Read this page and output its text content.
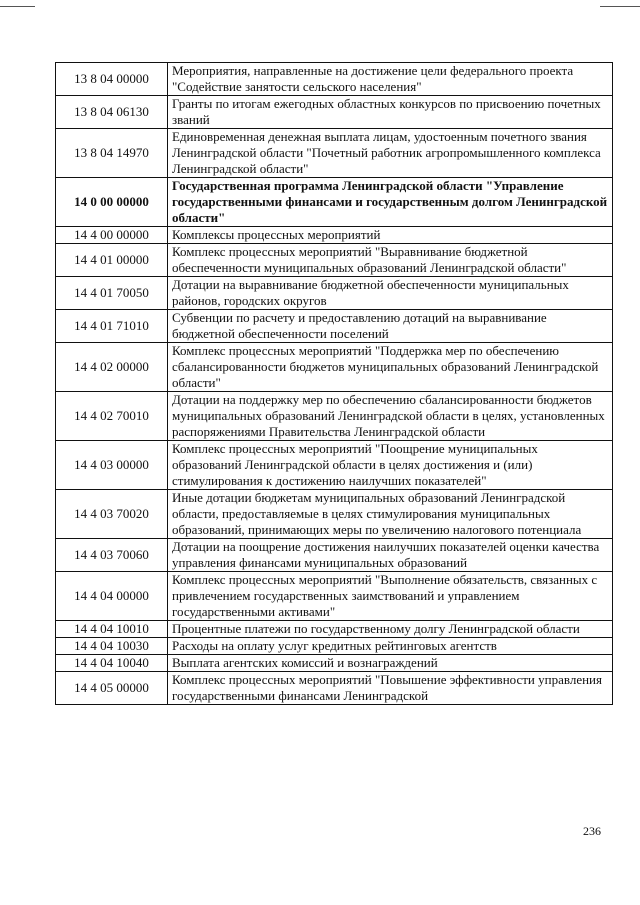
13 8 04 00000	Мероприятия, направленные на достижение цели федерального проекта "Содействие занятости сельского населения"
13 8 04 06130	Гранты по итогам ежегодных областных конкурсов по присвоению почетных званий
13 8 04 14970	Единовременная денежная выплата лицам, удостоенным почетного звания Ленинградской области "Почетный работник агропромышленного комплекса Ленинградской области"
14 0 00 00000	Государственная программа Ленинградской области "Управление государственными финансами и государственным долгом Ленинградской области"
14 4 00 00000	Комплексы процессных мероприятий
14 4 01 00000	Комплекс процессных мероприятий "Выравнивание бюджетной обеспеченности муниципальных образований Ленинградской области"
14 4 01 70050	Дотации на выравнивание бюджетной обеспеченности муниципальных районов, городских округов
14 4 01 71010	Субвенции по расчету и предоставлению дотаций на выравнивание бюджетной обеспеченности поселений
14 4 02 00000	Комплекс процессных мероприятий "Поддержка мер по обеспечению сбалансированности бюджетов муниципальных образований Ленинградской области"
14 4 02 70010	Дотации на поддержку мер по обеспечению сбалансированности бюджетов муниципальных образований Ленинградской области в целях, установленных распоряжениями Правительства Ленинградской области
14 4 03 00000	Комплекс процессных мероприятий "Поощрение муниципальных образований Ленинградской области в целях достижения и (или) стимулирования к достижению наилучших показателей"
14 4 03 70020	Иные дотации бюджетам муниципальных образований Ленинградской области, предоставляемые в целях стимулирования муниципальных образований, принимающих меры по увеличению налогового потенциала
14 4 03 70060	Дотации на поощрение достижения наилучших показателей оценки качества управления финансами муниципальных образований
14 4 04 00000	Комплекс процессных мероприятий "Выполнение обязательств, связанных с привлечением государственных заимствований и управлением государственными активами"
14 4 04 10010	Процентные платежи по государственному долгу Ленинградской области
14 4 04 10030	Расходы на оплату услуг кредитных рейтинговых агентств
14 4 04 10040	Выплата агентских комиссий и вознаграждений
14 4 05 00000	Комплекс процессных мероприятий "Повышение эффективности управления государственными финансами Ленинградской
236
